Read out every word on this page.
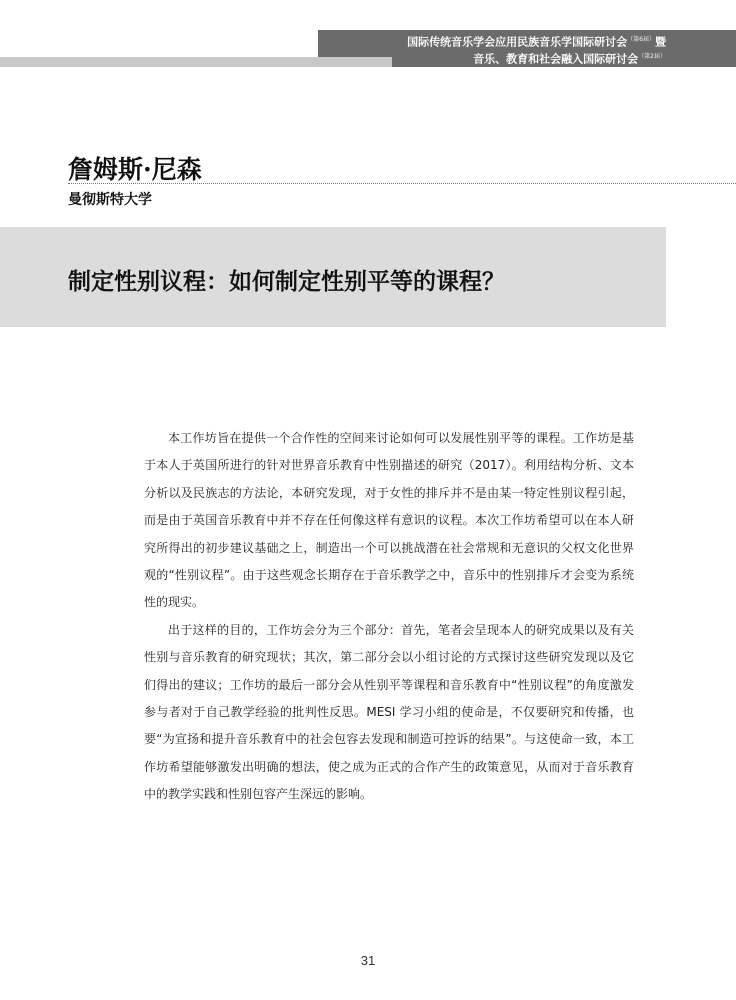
国际传统音乐学会应用民族音乐学国际研讨会$^{(第6届)}$暨
音乐、教育和社会融入国际研讨会$^{(第2届)}$
詹姆斯·尼森
曼彻斯特大学
制定性别议程：如何制定性别平等的课程？

本工作坊旨在提供一个合作性的空间来讨论如何可以发展性别平等的课程。工作坊是基于本人于英国所进行的针对世界音乐教育中性别描述的研究（2017）。利用结构分析、文本分析以及民族志的方法论，本研究发现，对于女性的排斥并不是由某一特定性别议程引起，而是由于英国音乐教育中并不存在任何像这样有意识的议程。本次工作坊希望可以在本人研究所得出的初步建议基础之上，制造出一个可以挑战潜在社会常规和无意识的父权文化世界观的“性别议程”。由于这些观念长期存在于音乐教学之中，音乐中的性别排斥才会变为系统性的现实。

出于这样的目的，工作坊会分为三个部分：首先，笔者会呈现本人的研究成果以及有关性别与音乐教育的研究现状；其次，第二部分会以小组讨论的方式探讨这些研究发现以及它们得出的建议；工作坊的最后一部分会从性别平等课程和音乐教育中“性别议程”的角度激发参与者对于自己教学经验的批判性反思。MESI 学习小组的使命是，不仅要研究和传播，也要“为宣扬和提升音乐教育中的社会包容去发现和制造可控诉的结果”。与这使命一致，本工作坊希望能够激发出明确的想法，使之成为正式的合作产生的政策意见，从而对于音乐教育中的教学实践和性别包容产生深远的影响。

31
